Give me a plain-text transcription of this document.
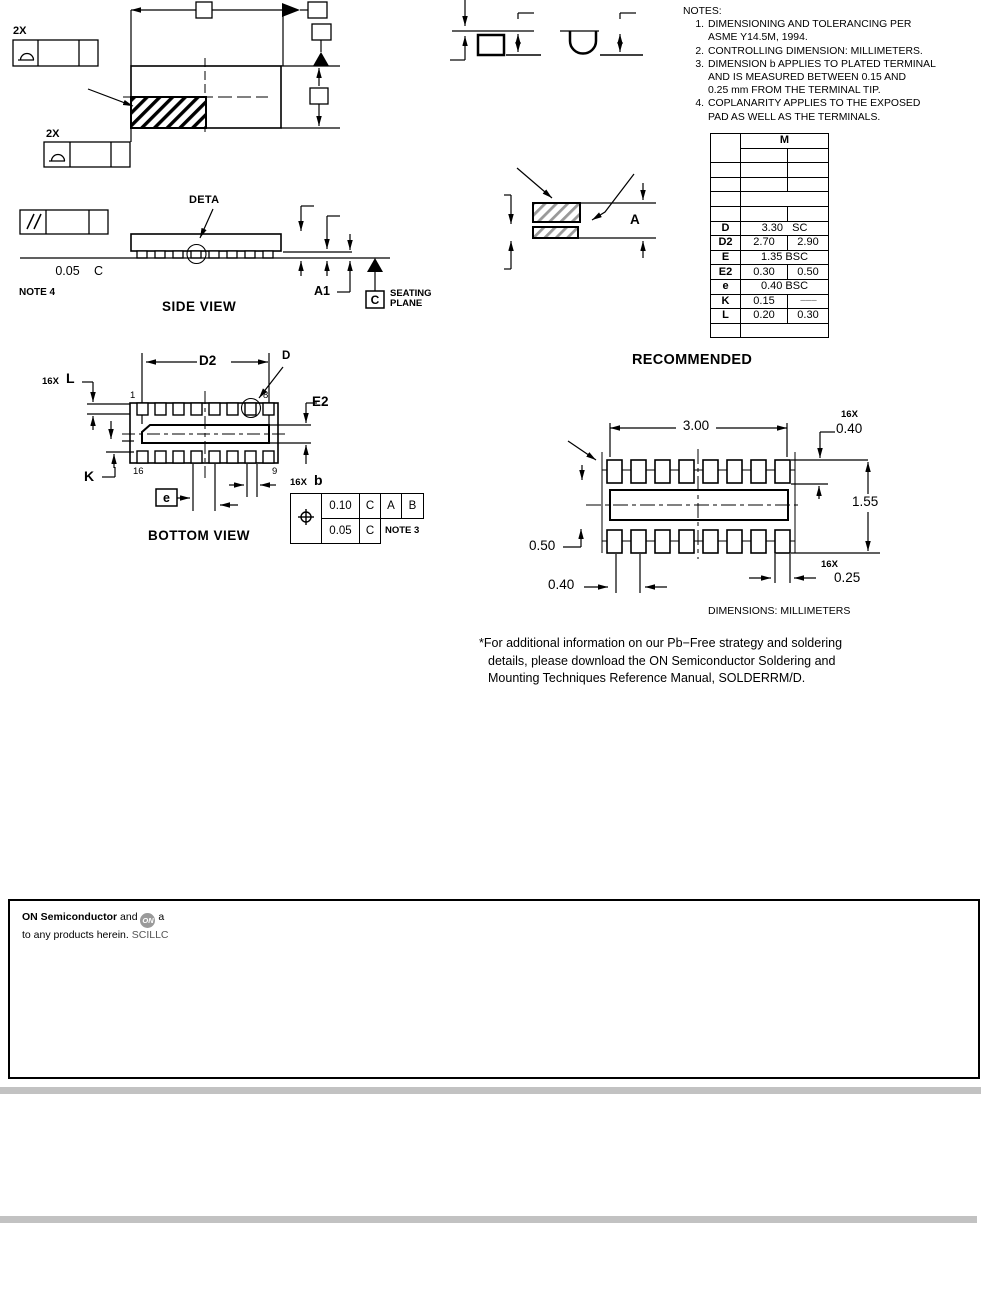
2X
2X
DETA
0.05	C
NOTE 4
SIDE VIEW
A1
C	SEATING
PLANE
A
NOTES:
1. DIMENSIONING AND TOLERANCING PER
ASME Y14.5M, 1994.
2. CONTROLLING DIMENSION: MILLIMETERS.
3. DIMENSION b APPLIES TO PLATED TERMINAL
AND IS MEASURED BETWEEN 0.15 AND
0.25 mm FROM THE TERMINAL TIP.
4. COPLANARITY APPLIES TO THE EXPOSED
PAD AS WELL AS THE TERMINALS.
	M	

D	3.30   SC	
D2	2.70	2.90
E	1.35 BSC	
E2	0.30	0.50
e	0.40 BSC	
K	0.15	−−−
L	0.20	0.30

D2	D
16X L
1	8
16	9
E2
K
e
16X b
BOTTOM VIEW
	0.10	C	A	B
	0.05	C		NOTE 3
RECOMMENDED
3.00
16X
0.40
1.55
0.50
0.40
16X
0.25
DIMENSIONS: MILLIMETERS
*For additional information on our Pb−Free strategy and soldering
details, please download the ON Semiconductor Soldering and
Mounting Techniques Reference Manual, SOLDERRM/D.
ON Semiconductor and ON a
to any products herein. SCILLC
